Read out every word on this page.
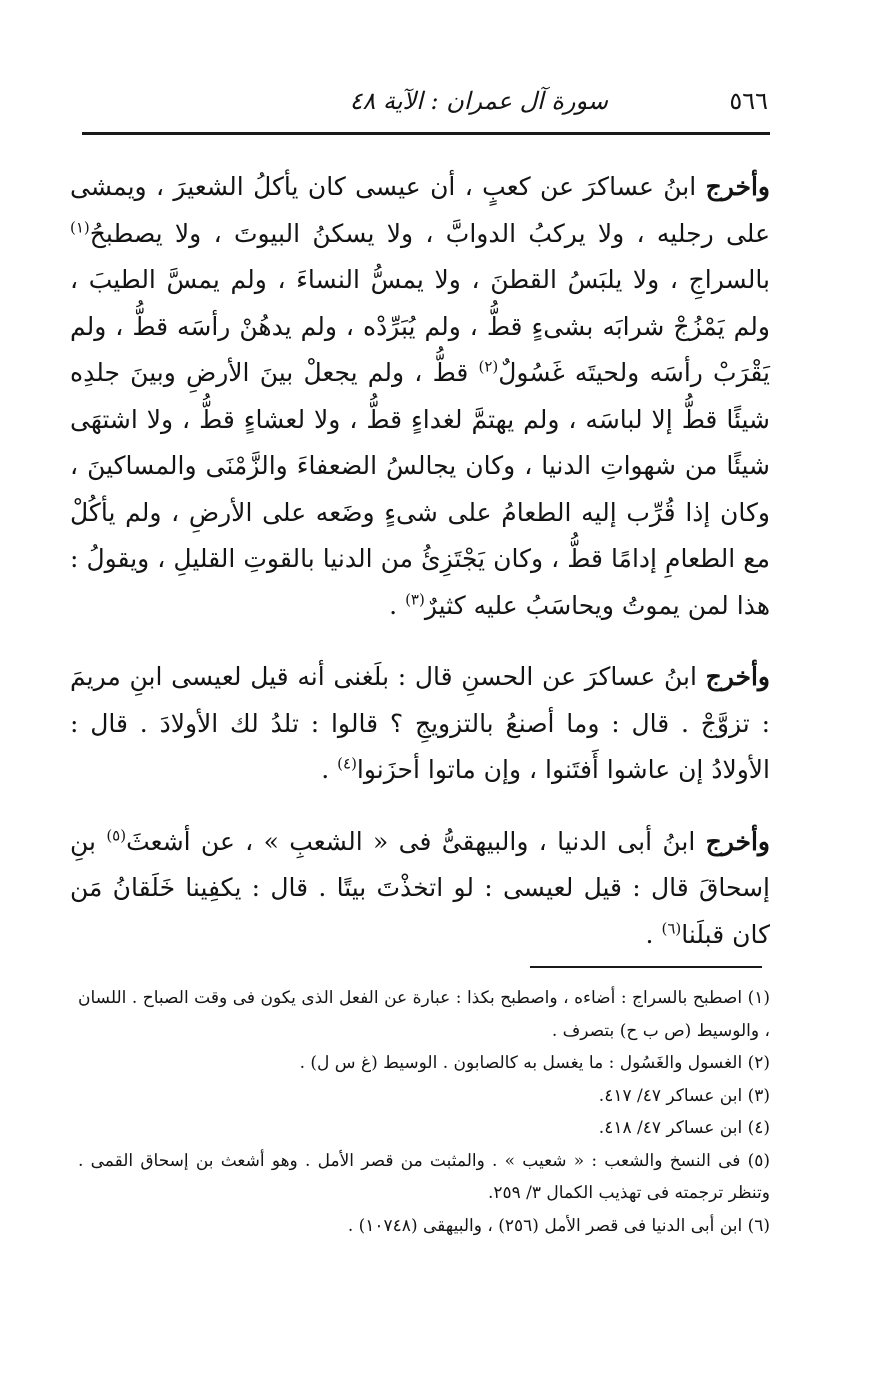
٥٦٦
سورة آل عمران : الآية ٤٨

وأخرج ابنُ عساكرَ عن كعبٍ ، أن عيسى كان يأكلُ الشعيرَ ، ويمشى على رجليه ، ولا يركبُ الدوابَّ ، ولا يسكنُ البيوتَ ، ولا يصطبحُ$^{(١)}$ بالسراجِ ، ولا يلبَسُ القطنَ ، ولا يمسُّ النساءَ ، ولم يمسَّ الطيبَ ، ولم يَمْزُجْ شرابَه بشىءٍ قطُّ ، ولم يُبَرِّدْه ، ولم يدهُنْ رأسَه قطُّ ، ولم يَقْرَبْ رأسَه ولحيتَه غَسُولٌ$^{(٢)}$ قطُّ ، ولم يجعلْ بينَ الأرضِ وبينَ جلدِه شيئًا قطُّ إلا لباسَه ، ولم يهتمَّ لغداءٍ قطُّ ، ولا لعشاءٍ قطُّ ، ولا اشتهَى شيئًا من شهواتِ الدنيا ، وكان يجالسُ الضعفاءَ والزَّمْنَى والمساكينَ ، وكان إذا قُرِّب إليه الطعامُ على شىءٍ وضَعه على الأرضِ ، ولم يأكُلْ مع الطعامِ إدامًا قطُّ ، وكان يَجْتَزِئُ من الدنيا بالقوتِ القليلِ ، ويقولُ : هذا لمن يموتُ ويحاسَبُ عليه كثيرٌ$^{(٣)}$ .

وأخرج ابنُ عساكرَ عن الحسنِ قال : بلَغنى أنه قيل لعيسى ابنِ مريمَ : تزوَّجْ . قال : وما أصنعُ بالتزويجِ ؟ قالوا : تلدُ لك الأولادَ . قال : الأولادُ إن عاشوا أَفتَنوا ، وإن ماتوا أحزَنوا$^{(٤)}$ .

وأخرج ابنُ أبى الدنيا ، والبيهقىُّ فى « الشعبِ » ، عن أشعثَ$^{(٥)}$ بنِ إسحاقَ قال : قيل لعيسى : لو اتخذْتَ بيتًا . قال : يكفِينا خَلَقانُ مَن كان قبلَنا$^{(٦)}$ .

(١) اصطبح بالسراج : أضاءه ، واصطبح بكذا : عبارة عن الفعل الذى يكون فى وقت الصباح . اللسان ، والوسيط (ص ب ح) بتصرف .

(٢) الغسول والغَسُول : ما يغسل به كالصابون . الوسيط (غ س ل) .

(٣) ابن عساكر ٤٧/ ٤١٧.

(٤) ابن عساكر ٤٧/ ٤١٨.

(٥) فى النسخ والشعب : « شعيب » . والمثبت من قصر الأمل . وهو أشعث بن إسحاق القمى . وتنظر ترجمته فى تهذيب الكمال ٣/ ٢٥٩.

(٦) ابن أبى الدنيا فى قصر الأمل (٢٥٦) ، والبيهقى (١٠٧٤٨) .
